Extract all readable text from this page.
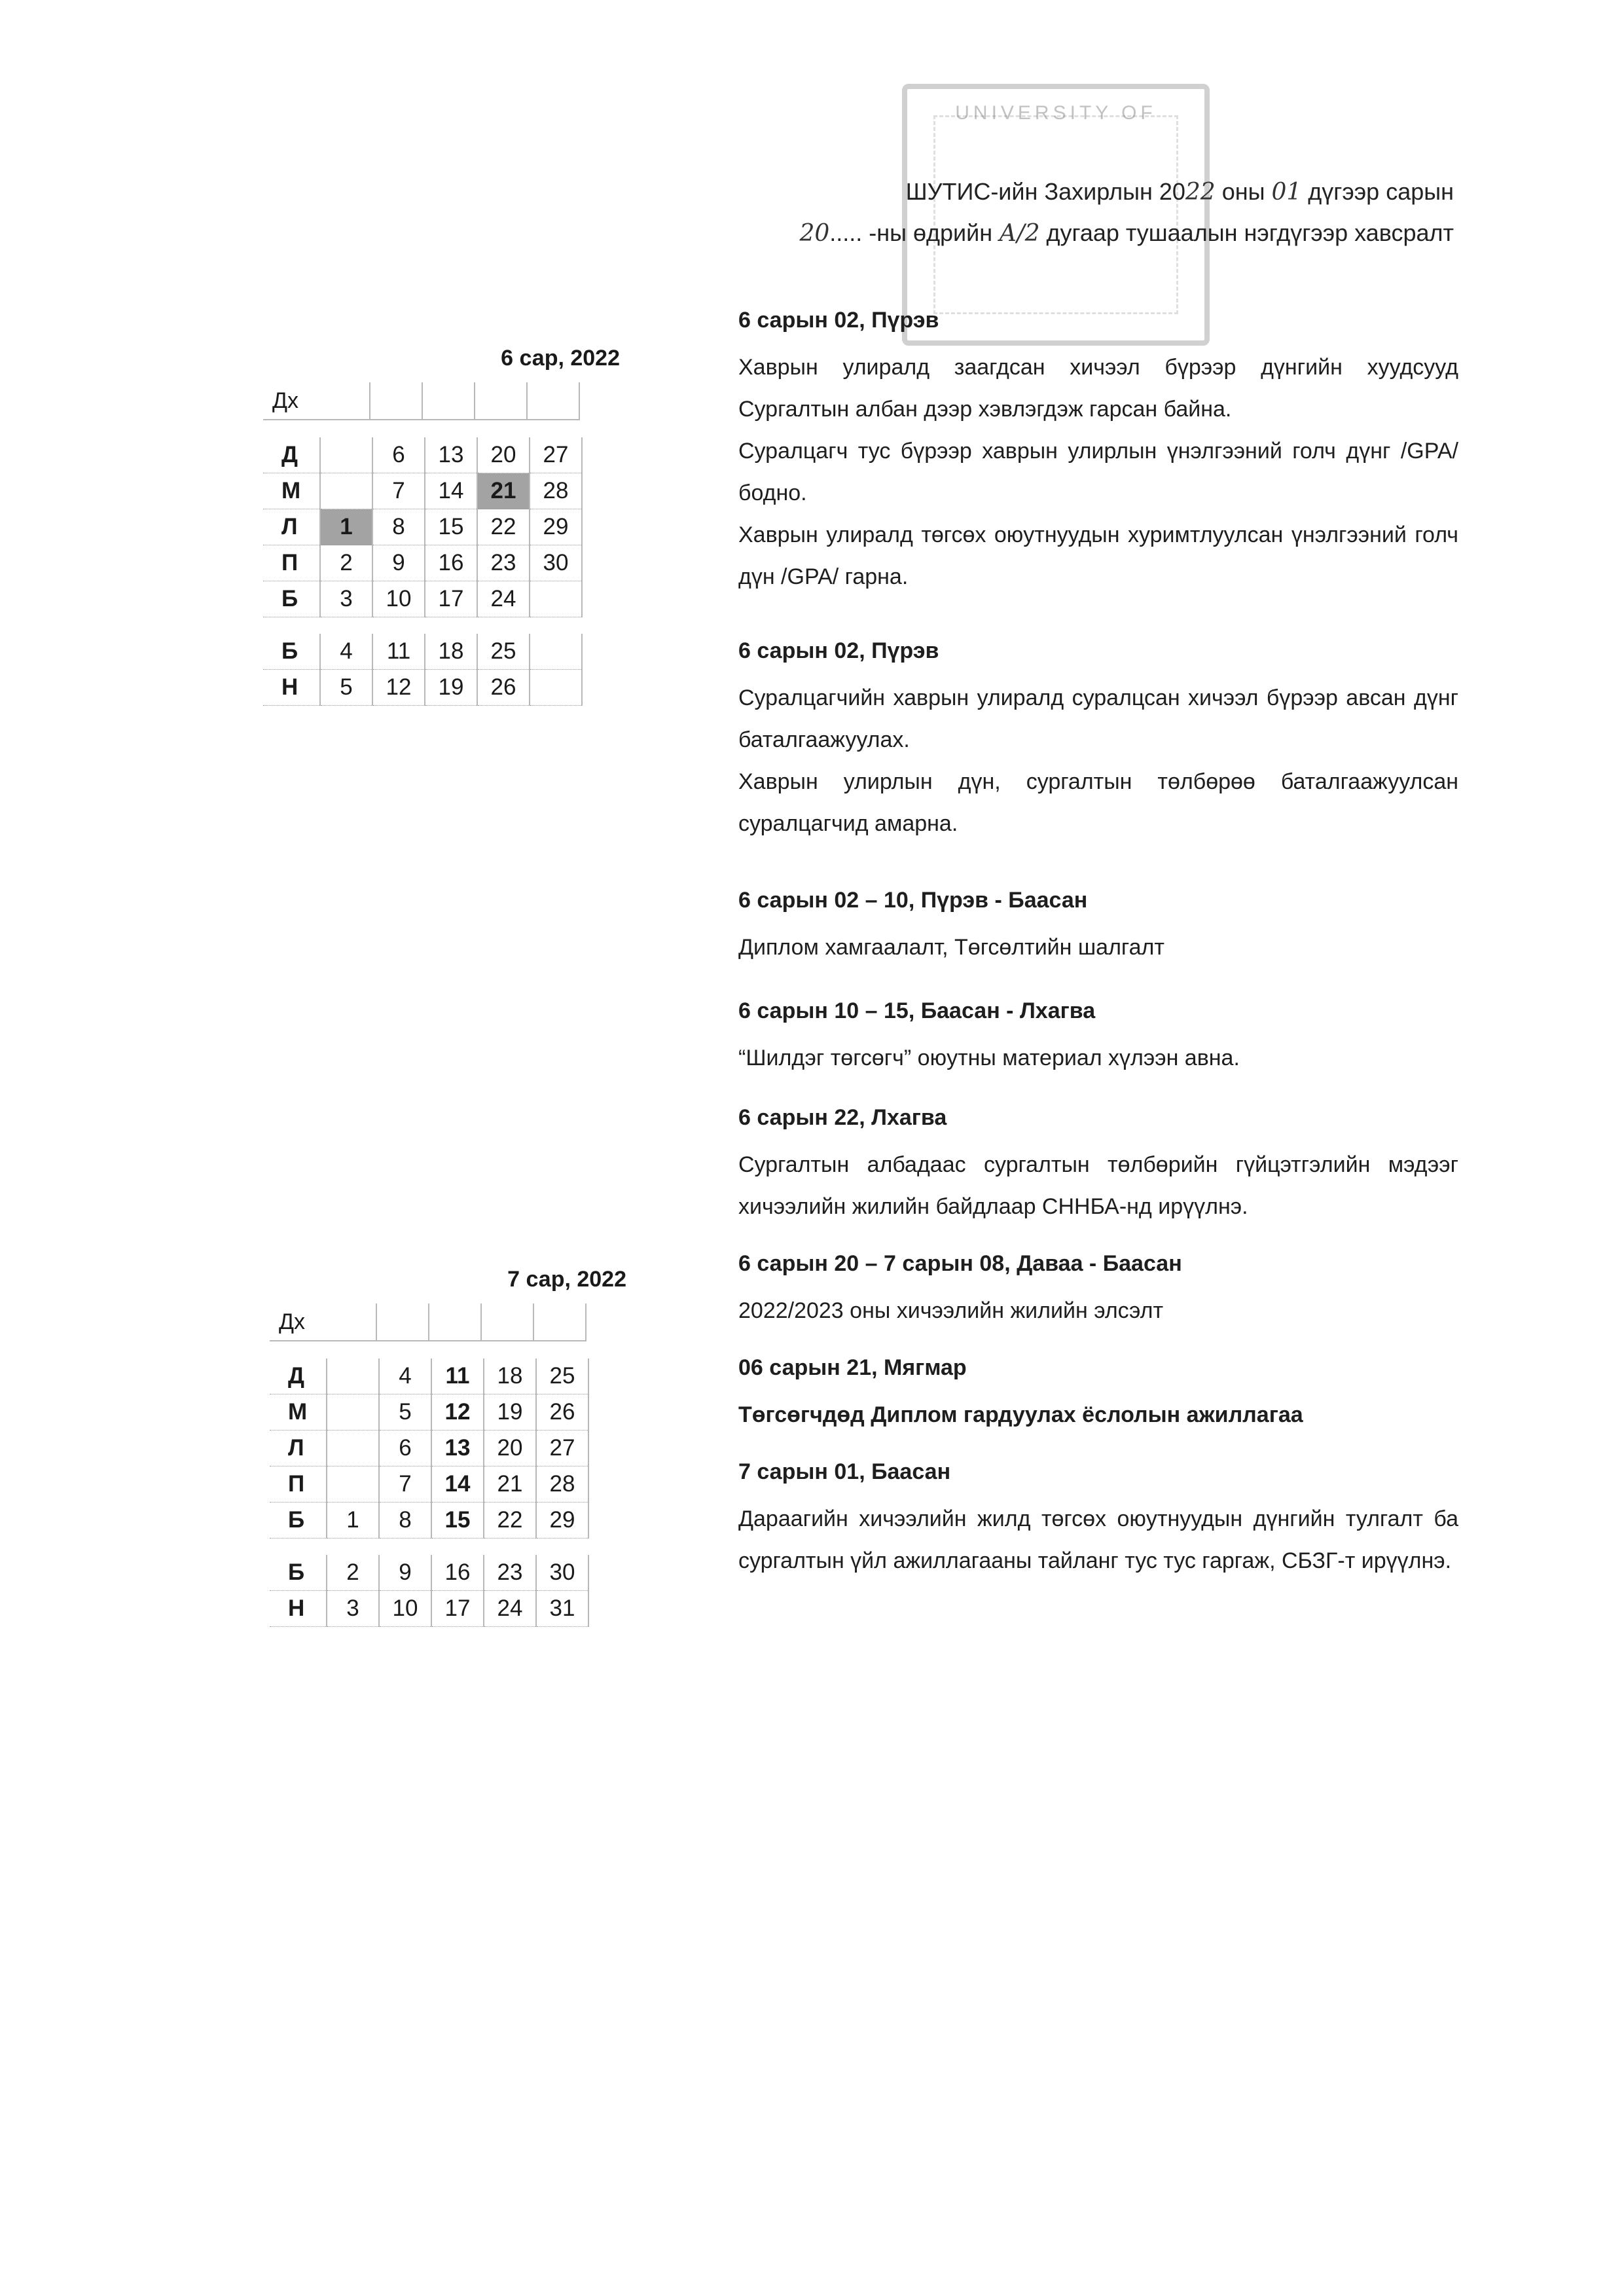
UNIVERSITY OF
ШУТИС-ийн Захирлын 2022 оны 01 дүгээр сарын
20..... -ны өдрийн А/2 дугаар тушаалын нэгдүгээр хавсралт
6 сар, 2022
Дх				
Д		6	13	20	27
М		7	14	21	28
Л	1	8	15	22	29
П	2	9	16	23	30
Б	3	10	17	24	
Б	4	11	18	25	
Н	5	12	19	26	
7 сар, 2022
Дх				
Д		4	11	18	25
М		5	12	19	26
Л		6	13	20	27
П		7	14	21	28
Б	1	8	15	22	29
Б	2	9	16	23	30
Н	3	10	17	24	31
6 сарын 02, Пүрэв

Хаврын улиралд заагдсан хичээл бүрээр дүнгийн хуудсууд Сургалтын албан дээр хэвлэгдэж гарсан байна.

Суралцагч тус бүрээр хаврын улирлын үнэлгээний голч дүнг /GPA/ бодно.

Хаврын улиралд төгсөх оюутнуудын хуримтлуулсан үнэлгээний голч дүн /GPA/ гарна.

6 сарын 02, Пүрэв

Суралцагчийн хаврын улиралд суралцсан хичээл бүрээр авсан дүнг баталгаажуулах.

Хаврын улирлын дүн, сургалтын төлбөрөө баталгаажуулсан суралцагчид амарна.

6 сарын 02 – 10, Пүрэв - Баасан

Диплом хамгаалалт, Төгсөлтийн шалгалт

6 сарын 10 – 15, Баасан - Лхагва

“Шилдэг төгсөгч” оюутны материал хүлээн авна.

6 сарын 22, Лхагва

Сургалтын албадаас сургалтын төлбөрийн гүйцэтгэлийн мэдээг хичээлийн жилийн байдлаар СННБА-нд ирүүлнэ.

6 сарын 20 – 7 сарын 08, Даваа - Баасан

2022/2023 оны хичээлийн жилийн элсэлт

06 сарын 21, Мягмар

Төгсөгчдөд Диплом гардуулах ёслолын ажиллагаа

7 сарын 01, Баасан

Дараагийн хичээлийн жилд төгсөх оюутнуудын дүнгийн тулгалт ба сургалтын үйл ажиллагааны тайланг тус тус гаргаж, СБЗГ-т ирүүлнэ.
